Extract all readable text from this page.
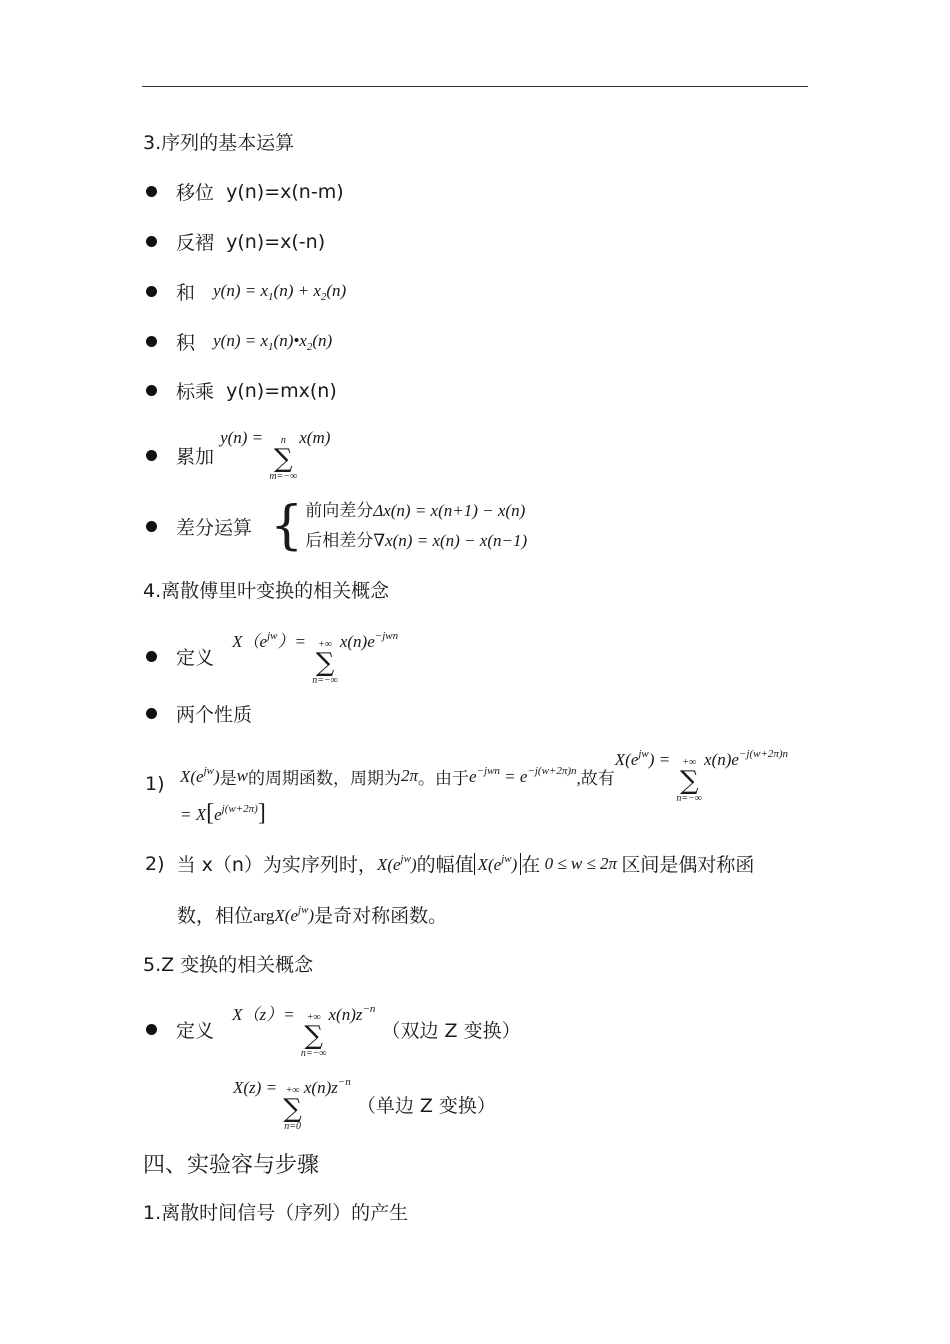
3.序列的基本运算
移位
y(n)=x(n-m)
反褶
y(n)=x(-n)
和
$y(n) = x_1(n) + x_2(n)$
积
$y(n) = x_1(n)•x_2(n)$
标乘
y(n)=mx(n)
累加

y(n) = n
∑
m=−∞
x(m)
差分运算
{ 前向差分Δx(n) = x(n+1) − x(n)
后相差分∇x(n) = x(n) − x(n−1)
4.离散傅里叶变换的相关概念
定义

$X(e^{jw})=$ +∞
∑
n=−∞
$x(n)e^{-jwn}$
两个性质
1) $X(e^{jw})$ 是 w 的周期函数，周期为 2π 。由于 $e^{-jwn} = e^{-j(w+2\pi)n}$ ,故有
$X(e^{jw})$ = +∞
∑
n=−∞
$x(n)e^{-j(w+2\pi)n}$
= $X[e^{j(w+2\pi)}]$
2)
当 x（n）为实序列时， $X(e^{jw})$ 的幅值 $X(e^{jw})$ 在 0 ≤ w ≤ 2π 区间是偶对称函
数，相位 $argX(e^{jw})$ 是奇对称函数。
5.Z 变换的相关概念
定义

X（z）= +∞
∑
n=−∞
$x(n)z^{-n}$

（双边 Z 变换）
X(z) = +∞
∑
n=0
$x(n)z^{-n}$

（单边 Z 变换）
四、实验容与步骤
1.离散时间信号（序列）的产生
